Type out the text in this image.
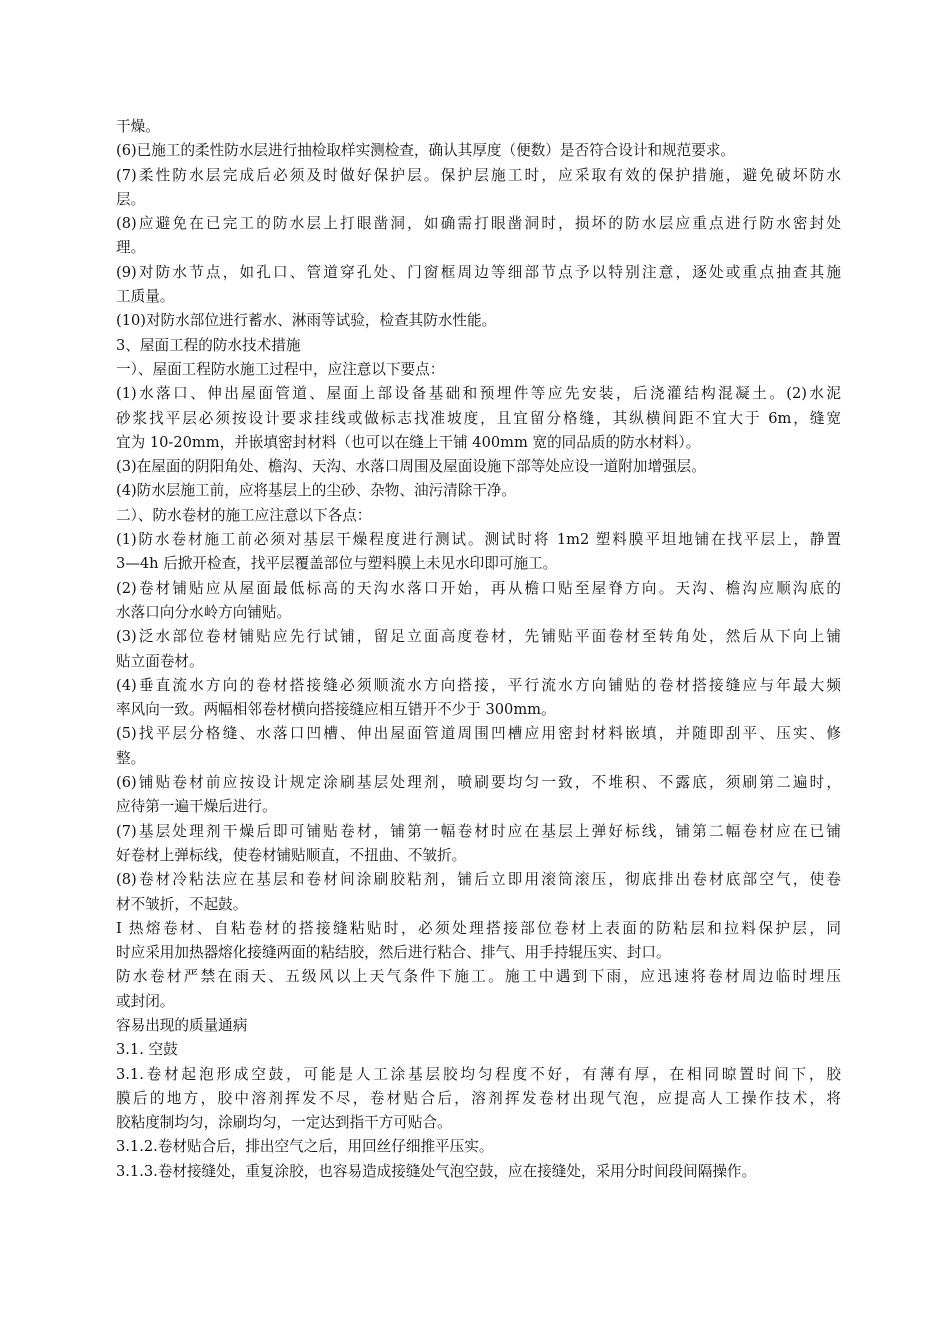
干燥。
(6)已施工的柔性防水层进行抽检取样实测检查，确认其厚度（便数）是否符合设计和规范要求。
(7)柔性防水层完成后必须及时做好保护层。保护层施工时，应采取有效的保护措施，避免破坏防水
层。
(8)应避免在已完工的防水层上打眼凿洞，如确需打眼凿洞时，损坏的防水层应重点进行防水密封处
理。
(9)对防水节点，如孔口、管道穿孔处、门窗框周边等细部节点予以特别注意，逐处或重点抽查其施
工质量。
(10)对防水部位进行蓄水、淋雨等试验，检查其防水性能。
3、屋面工程的防水技术措施
一）、屋面工程防水施工过程中，应注意以下要点：
(1)水落口、伸出屋面管道、屋面上部设备基础和预埋件等应先安装，后浇灌结构混凝土。(2)水泥
砂浆找平层必须按设计要求挂线或做标志找准坡度，且宜留分格缝，其纵横间距不宜大于 6m，缝宽
宜为 10-20mm，并嵌填密封材料（也可以在缝上干铺 400mm 宽的同品质的防水材料）。
(3)在屋面的阴阳角处、檐沟、天沟、水落口周围及屋面设施下部等处应设一道附加增强层。
(4)防水层施工前，应将基层上的尘砂、杂物、油污清除干净。
二）、防水卷材的施工应注意以下各点：
(1)防水卷材施工前必须对基层干燥程度进行测试。测试时将 1m2 塑料膜平坦地铺在找平层上，静置
3—4h 后掀开检查，找平层覆盖部位与塑料膜上未见水印即可施工。
(2)卷材铺贴应从屋面最低标高的天沟水落口开始，再从檐口贴至屋脊方向。天沟、檐沟应顺沟底的
水落口向分水岭方向铺贴。
(3)泛水部位卷材铺贴应先行试铺，留足立面高度卷材，先铺贴平面卷材至转角处，然后从下向上铺
贴立面卷材。
(4)垂直流水方向的卷材搭接缝必须顺流水方向搭接，平行流水方向铺贴的卷材搭接缝应与年最大频
率风向一致。两幅相邻卷材横向搭接缝应相互错开不少于 300mm。
(5)找平层分格缝、水落口凹槽、伸出屋面管道周围凹槽应用密封材料嵌填，并随即刮平、压实、修
整。
(6)铺贴卷材前应按设计规定涂刷基层处理剂，喷刷要均匀一致，不堆积、不露底，须刷第二遍时，
应待第一遍干燥后进行。
(7)基层处理剂干燥后即可铺贴卷材，铺第一幅卷材时应在基层上弹好标线，铺第二幅卷材应在已铺
好卷材上弹标线，使卷材铺贴顺直，不扭曲、不皱折。
(8)卷材冷粘法应在基层和卷材间涂刷胶粘剂，铺后立即用滚筒滚压，彻底排出卷材底部空气，使卷
材不皱折，不起鼓。
I 热熔卷材、自粘卷材的搭接缝粘贴时，必须处理搭接部位卷材上表面的防粘层和拉料保护层，同
时应采用加热器熔化接缝两面的粘结胶，然后进行粘合、排气、用手持辊压实、封口。
防水卷材严禁在雨天、五级风以上天气条件下施工。施工中遇到下雨，应迅速将卷材周边临时埋压
或封闭。
容易出现的质量通病
3.1. 空鼓
3.1.卷材起泡形成空鼓，可能是人工涂基层胶均匀程度不好，有薄有厚，在相同晾置时间下，胶
膜后的地方，胶中溶剂挥发不尽，卷材贴合后，溶剂挥发卷材出现气泡，应提高人工操作技术，将
胶粘度制均匀，涂刷均匀，一定达到指干方可贴合。
3.1.2.卷材贴合后，排出空气之后，用回丝仔细推平压实。
3.1.3.卷材接缝处，重复涂胶，也容易造成接缝处气泡空鼓，应在接缝处，采用分时间段间隔操作。
